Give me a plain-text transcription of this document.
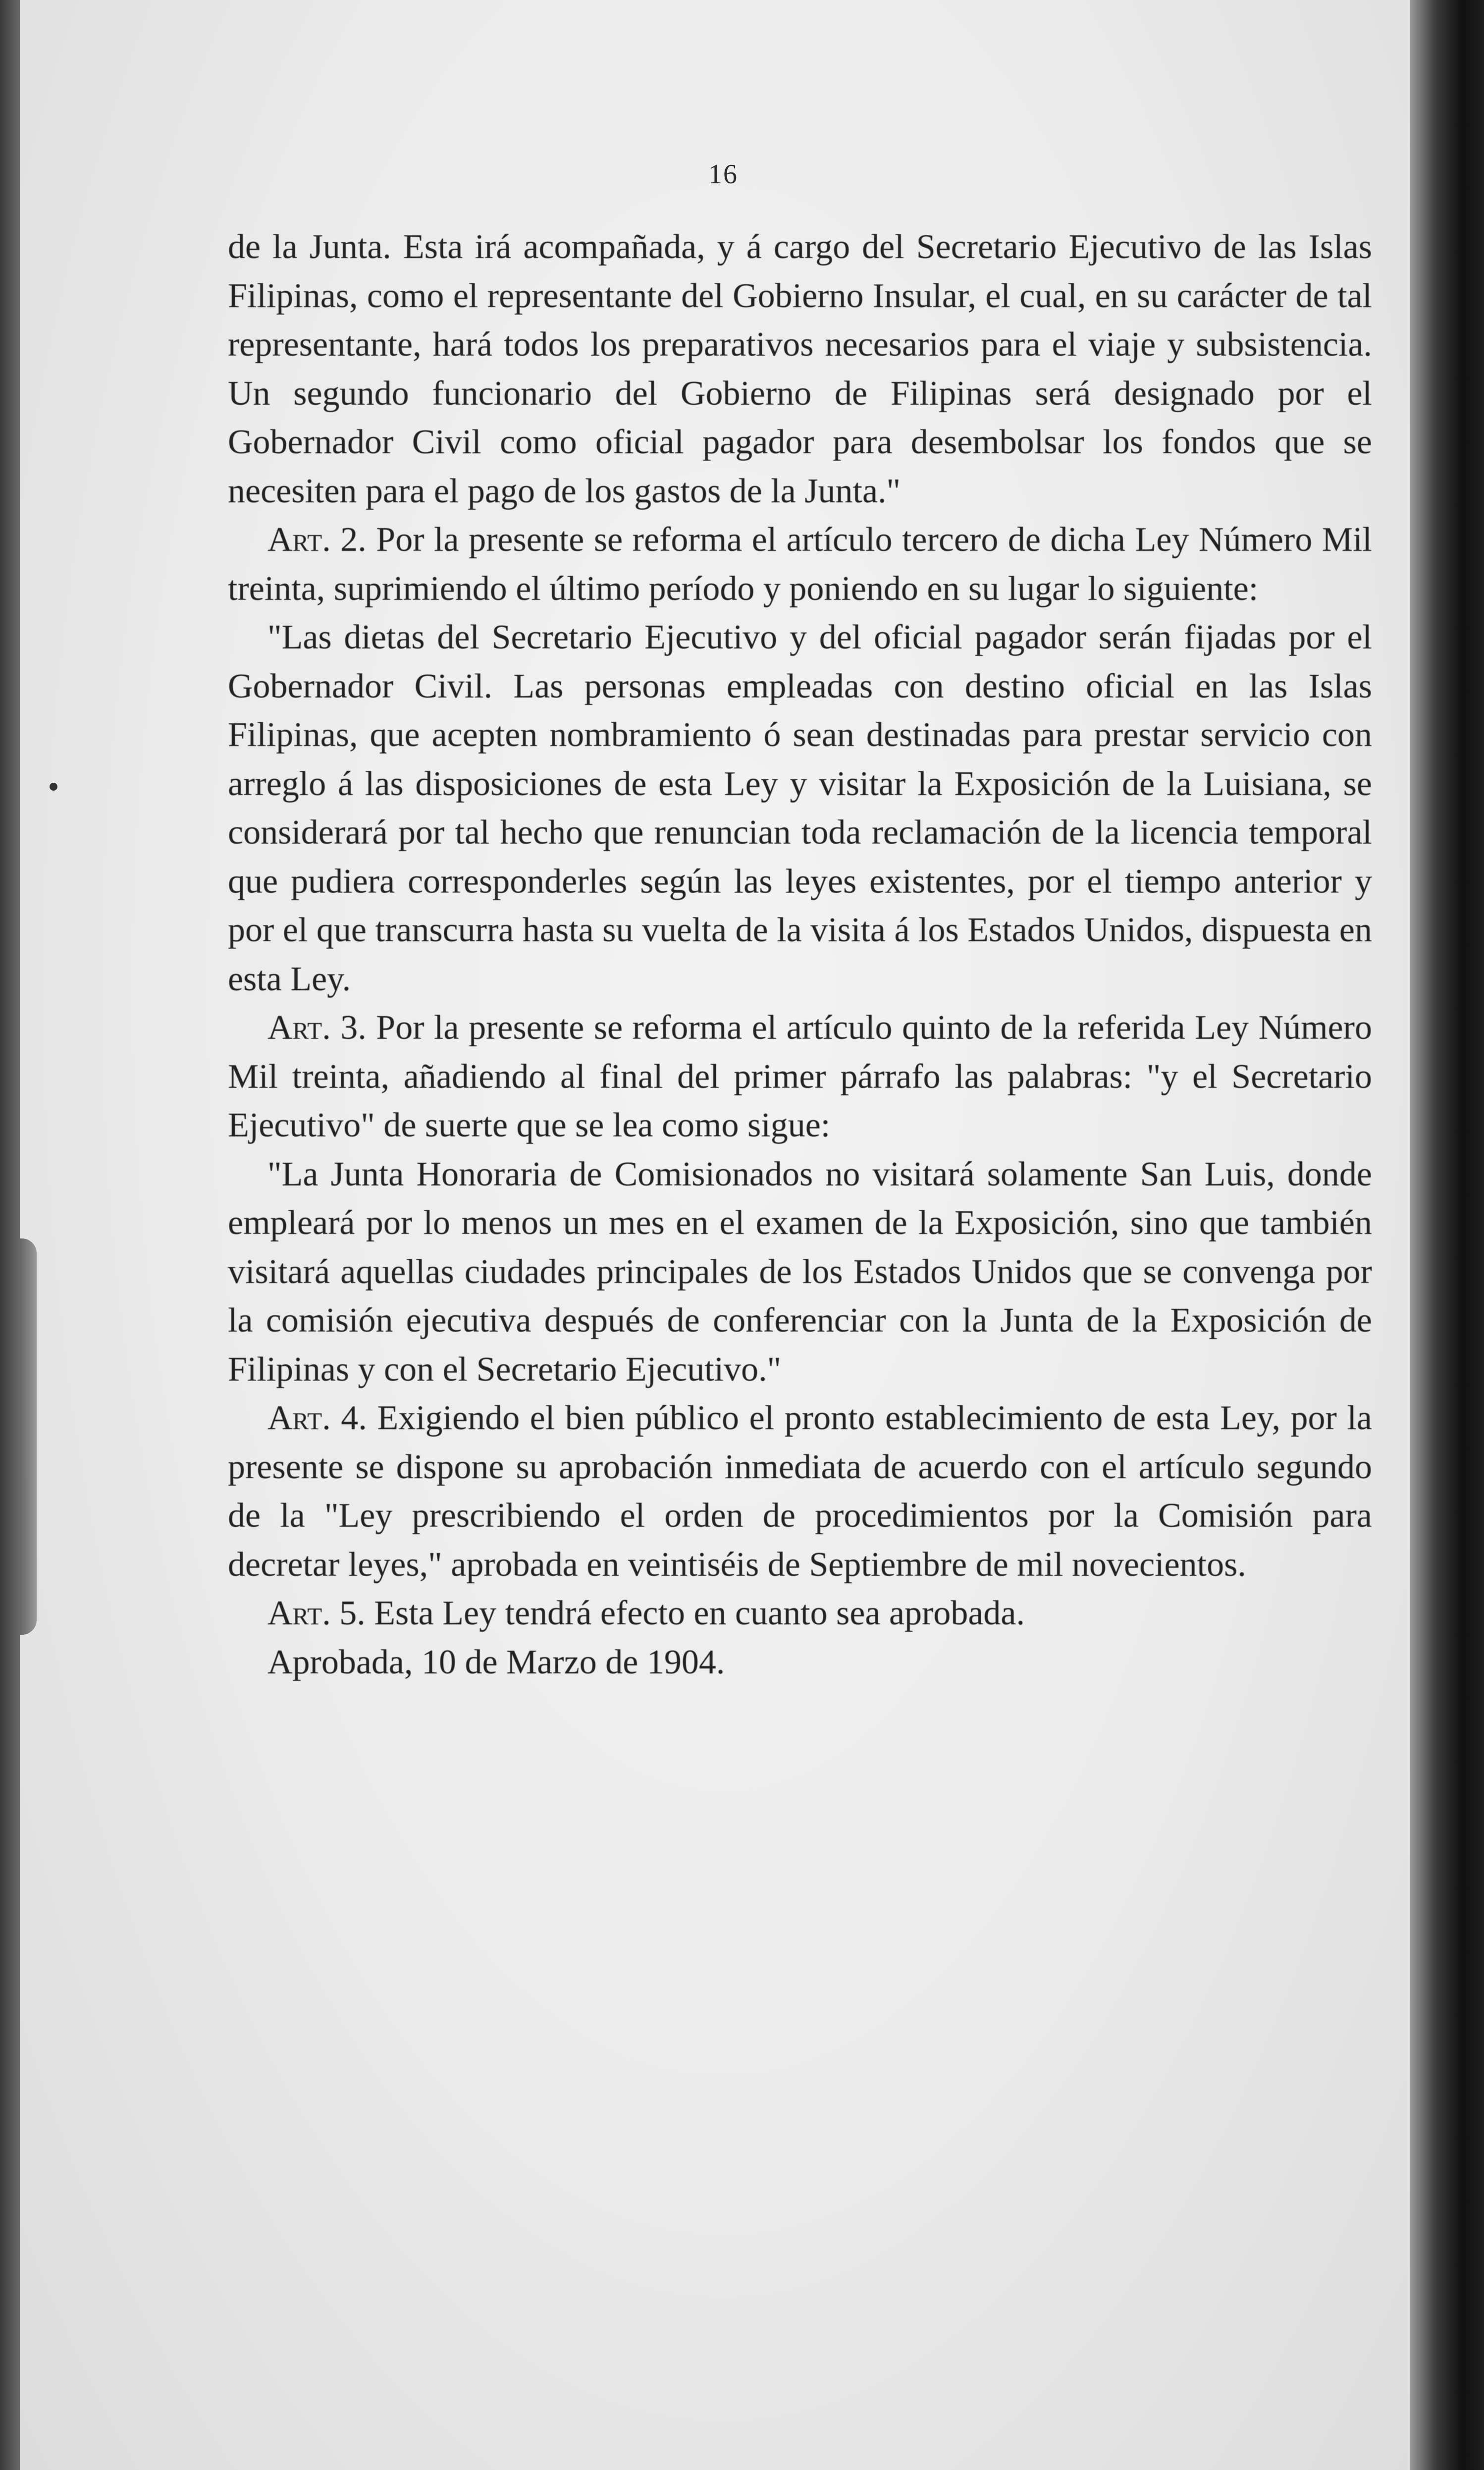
16

de la Junta. Esta irá acompañada, y á cargo del Secretario Ejecutivo de las Islas Filipinas, como el representante del Gobierno Insular, el cual, en su carácter de tal representante, hará todos los preparativos necesarios para el viaje y subsistencia. Un segundo funcionario del Gobierno de Filipinas será designado por el Gobernador Civil como oficial pagador para desembolsar los fondos que se necesiten para el pago de los gastos de la Junta."

Art. 2. Por la presente se reforma el artículo tercero de dicha Ley Número Mil treinta, suprimiendo el último período y poniendo en su lugar lo siguiente:

"Las dietas del Secretario Ejecutivo y del oficial pagador serán fijadas por el Gobernador Civil. Las personas empleadas con destino oficial en las Islas Filipinas, que acepten nombramiento ó sean destinadas para prestar servicio con arreglo á las disposiciones de esta Ley y visitar la Exposición de la Luisiana, se considerará por tal hecho que renuncian toda reclamación de la licencia temporal que pudiera corresponderles según las leyes existentes, por el tiempo anterior y por el que transcurra hasta su vuelta de la visita á los Estados Unidos, dispuesta en esta Ley.

Art. 3. Por la presente se reforma el artículo quinto de la referida Ley Número Mil treinta, añadiendo al final del primer párrafo las palabras: "y el Secretario Ejecutivo" de suerte que se lea como sigue:

"La Junta Honoraria de Comisionados no visitará solamente San Luis, donde empleará por lo menos un mes en el examen de la Exposición, sino que también visitará aquellas ciudades principales de los Estados Unidos que se convenga por la comisión ejecutiva después de conferenciar con la Junta de la Exposición de Filipinas y con el Secretario Ejecutivo."

Art. 4. Exigiendo el bien público el pronto establecimiento de esta Ley, por la presente se dispone su aprobación inmediata de acuerdo con el artículo segundo de la "Ley prescribiendo el orden de procedimientos por la Comisión para decretar leyes," aprobada en veintiséis de Septiembre de mil novecientos.

Art. 5. Esta Ley tendrá efecto en cuanto sea aprobada.

Aprobada, 10 de Marzo de 1904.
